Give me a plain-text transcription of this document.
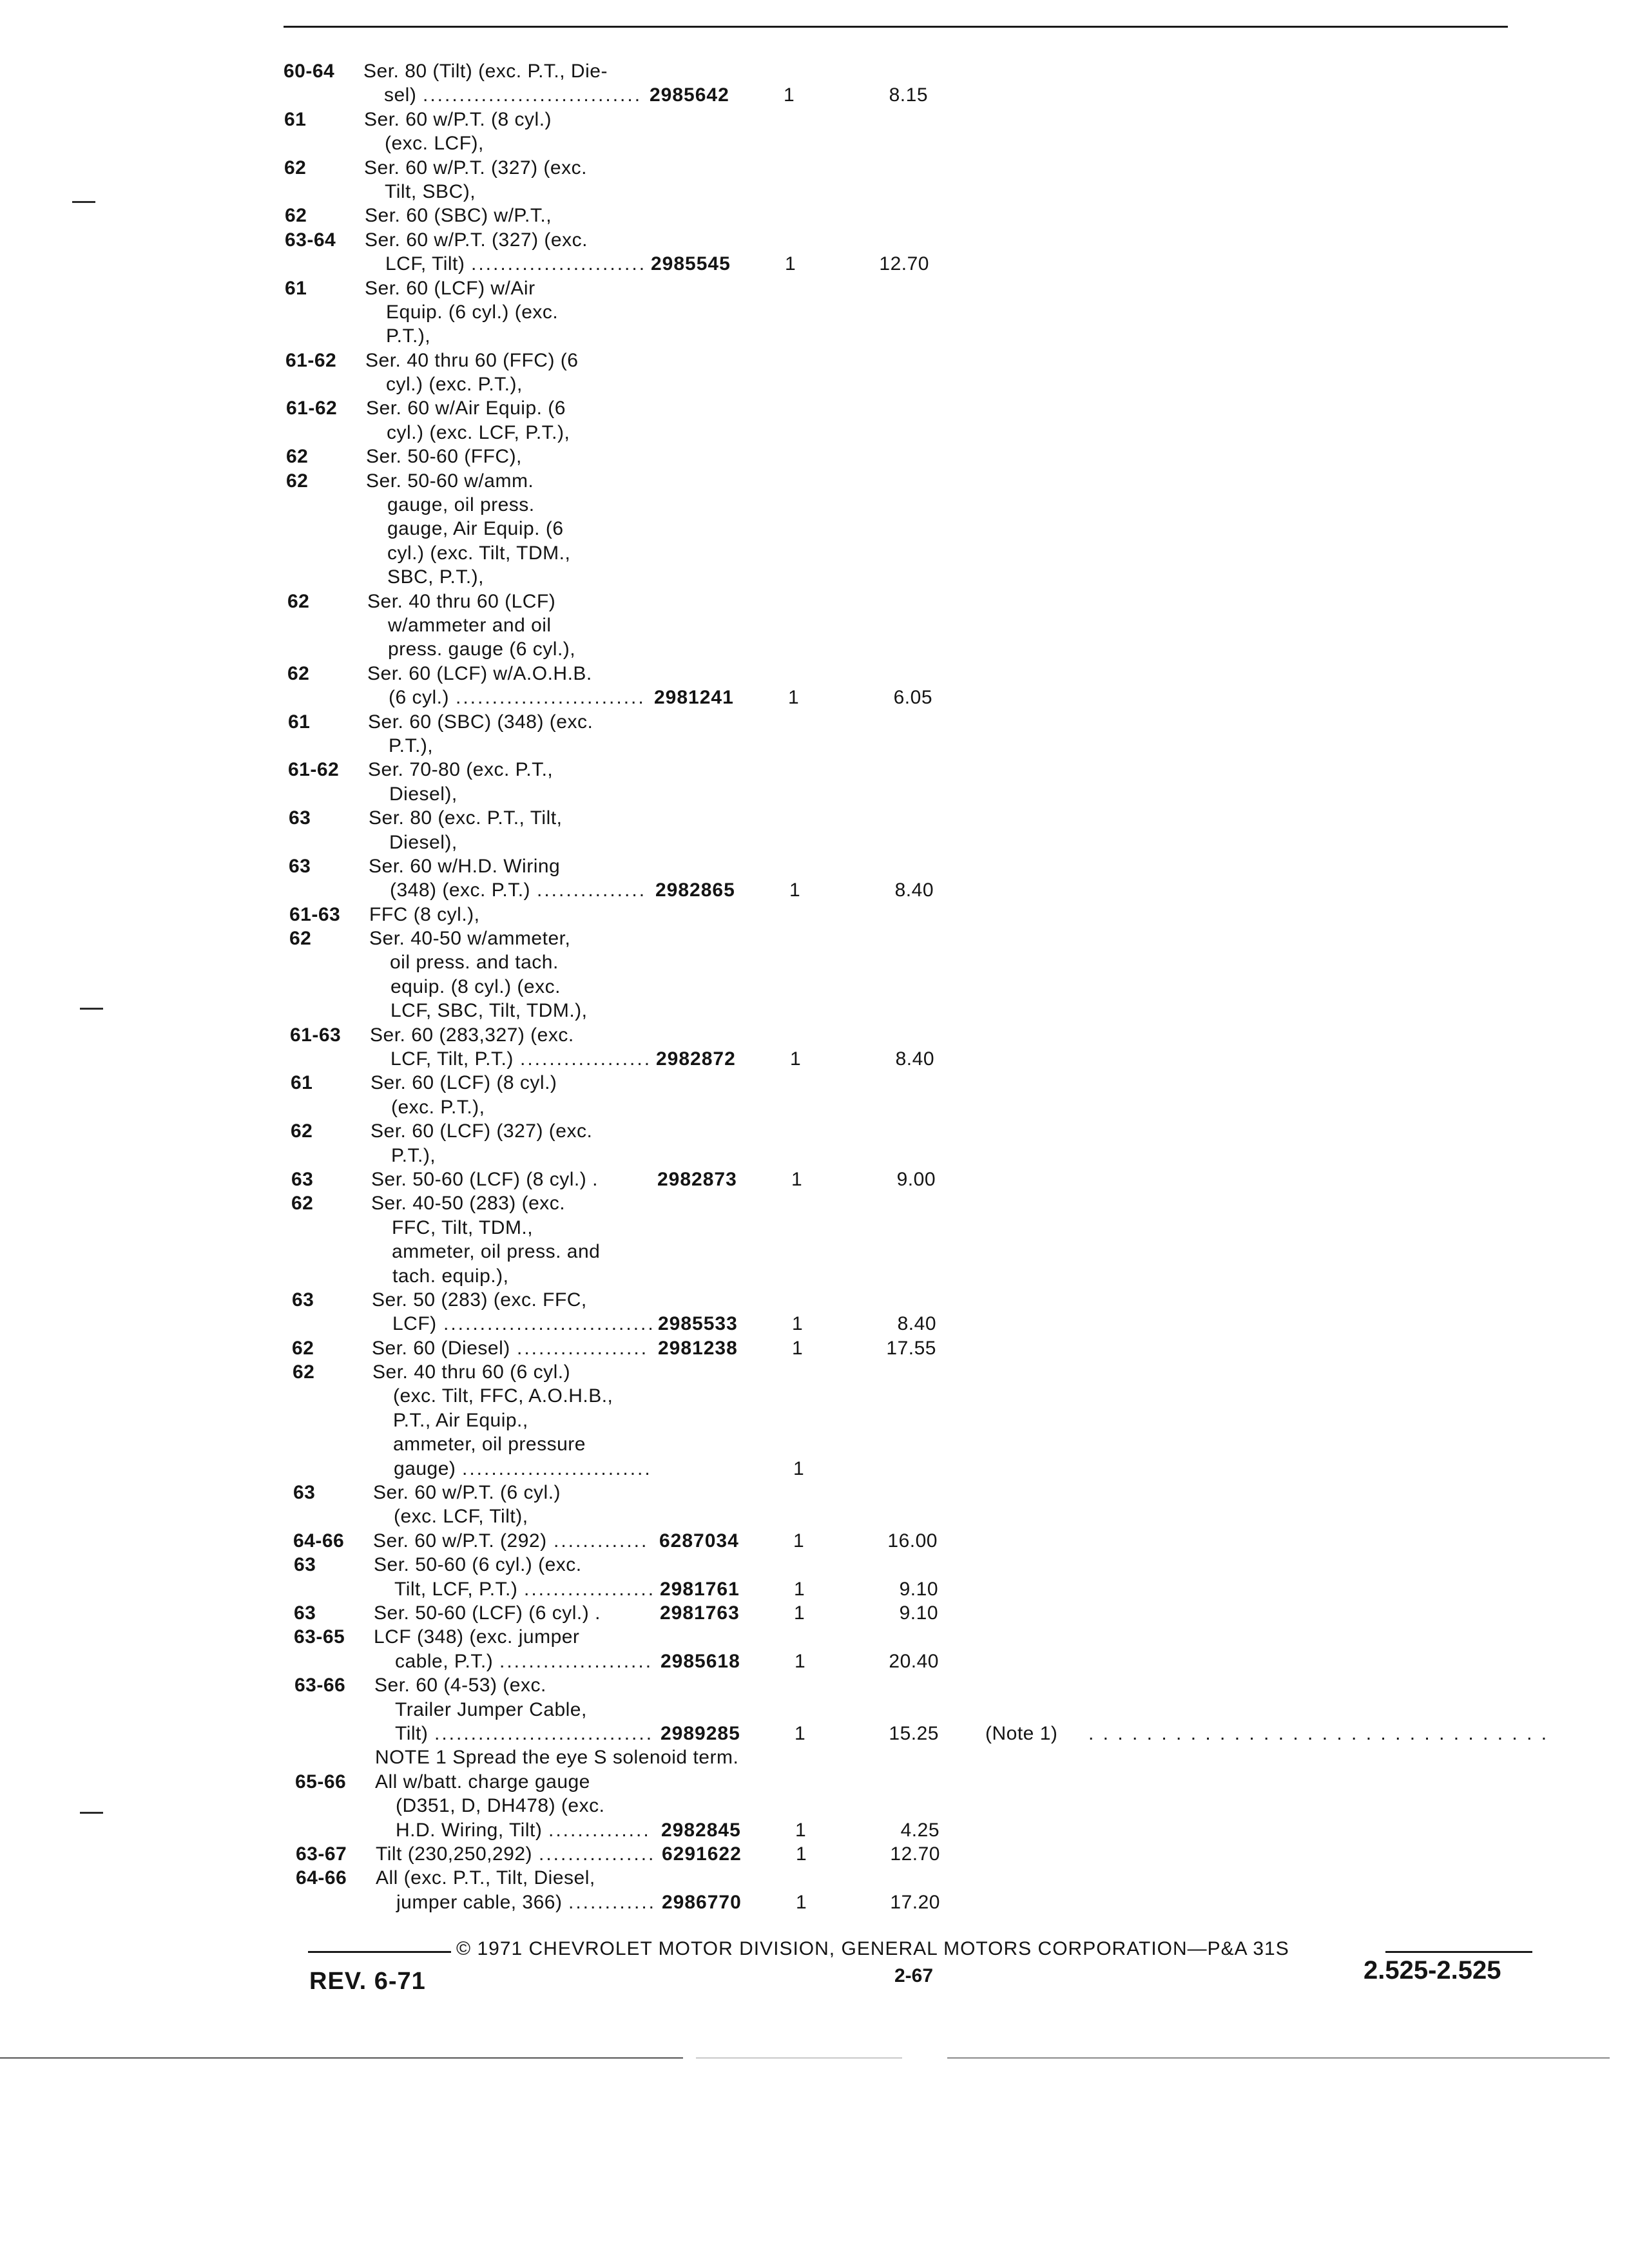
60-64 Ser. 80 (Tilt) (exc. P.T., Die-
sel) .............................. 2985642	1	8.15
61	Ser. 60 w/P.T. (8 cyl.)
(exc. LCF),
62	Ser. 60 w/P.T. (327) (exc.
Tilt, SBC),
62	Ser. 60 (SBC) w/P.T.,
63-64 Ser. 60 w/P.T. (327) (exc.
LCF, Tilt) ........................ 2985545	1	12.70
61	Ser. 60 (LCF) w/Air
Equip. (6 cyl.) (exc.
P.T.),
61-62 Ser. 40 thru 60 (FFC) (6
cyl.) (exc. P.T.),
61-62 Ser. 60 w/Air Equip. (6
cyl.) (exc. LCF, P.T.),
62	Ser. 50-60 (FFC),
62	Ser. 50-60 w/amm.
gauge, oil press.
gauge, Air Equip. (6
cyl.) (exc. Tilt, TDM.,
SBC, P.T.),
62	Ser. 40 thru 60 (LCF)
w/ammeter and oil
press. gauge (6 cyl.),
62	Ser. 60 (LCF) w/A.O.H.B.
(6 cyl.) .......................... 2981241	1	6.05
61	Ser. 60 (SBC) (348) (exc.
P.T.),
61-62 Ser. 70-80 (exc. P.T.,
Diesel),
63	Ser. 80 (exc. P.T., Tilt,
Diesel),
63	Ser. 60 w/H.D. Wiring
(348) (exc. P.T.) ............... 2982865	1	8.40
61-63 FFC (8 cyl.),
62	Ser. 40-50 w/ammeter,
oil press. and tach.
equip. (8 cyl.) (exc.
LCF, SBC, Tilt, TDM.),
61-63 Ser. 60 (283,327) (exc.
LCF, Tilt, P.T.) .................. 2982872	1	8.40
61	Ser. 60 (LCF) (8 cyl.)
(exc. P.T.),
62	Ser. 60 (LCF) (327) (exc.
P.T.),
63	Ser. 50-60 (LCF) (8 cyl.) .	2982873	1	9.00
62	Ser. 40-50 (283) (exc.
FFC, Tilt, TDM.,
ammeter, oil press. and
tach. equip.),
63	Ser. 50 (283) (exc. FFC,
LCF) ............................. 2985533	1	8.40
62	Ser. 60 (Diesel) .................. 2981238	1	17.55
62	Ser. 40 thru 60 (6 cyl.)
(exc. Tilt, FFC, A.O.H.B.,
P.T., Air Equip.,
ammeter, oil pressure
gauge) ..........................	1
63	Ser. 60 w/P.T. (6 cyl.)
(exc. LCF, Tilt),
64-66 Ser. 60 w/P.T. (292) ............. 6287034	1	16.00
63	Ser. 50-60 (6 cyl.) (exc.
Tilt, LCF, P.T.) .................. 2981761	1	9.10
63	Ser. 50-60 (LCF) (6 cyl.) .	2981763	1	9.10
63-65 LCF (348) (exc. jumper
cable, P.T.) ..................... 2985618	1	20.40
63-66 Ser. 60 (4-53) (exc.
Trailer Jumper Cable,
Tilt) .............................. 2989285	1	15.25 (Note 1) . . . . . . . . . . . . . . . . . . . . . . . . . . . . . . . .
NOTE 1 Spread the eye S solenoid term.
65-66 All w/batt. charge gauge
(D351, D, DH478) (exc.
H.D. Wiring, Tilt) .............. 2982845	1	4.25
63-67 Tilt (230,250,292) ................ 6291622	1	12.70
64-66 All (exc. P.T., Tilt, Diesel,
jumper cable, 366) ............ 2986770	1	17.20
© 1971 CHEVROLET MOTOR DIVISION, GENERAL MOTORS CORPORATION—P&A 31S
REV. 6-71	2-67	2.525-2.525
